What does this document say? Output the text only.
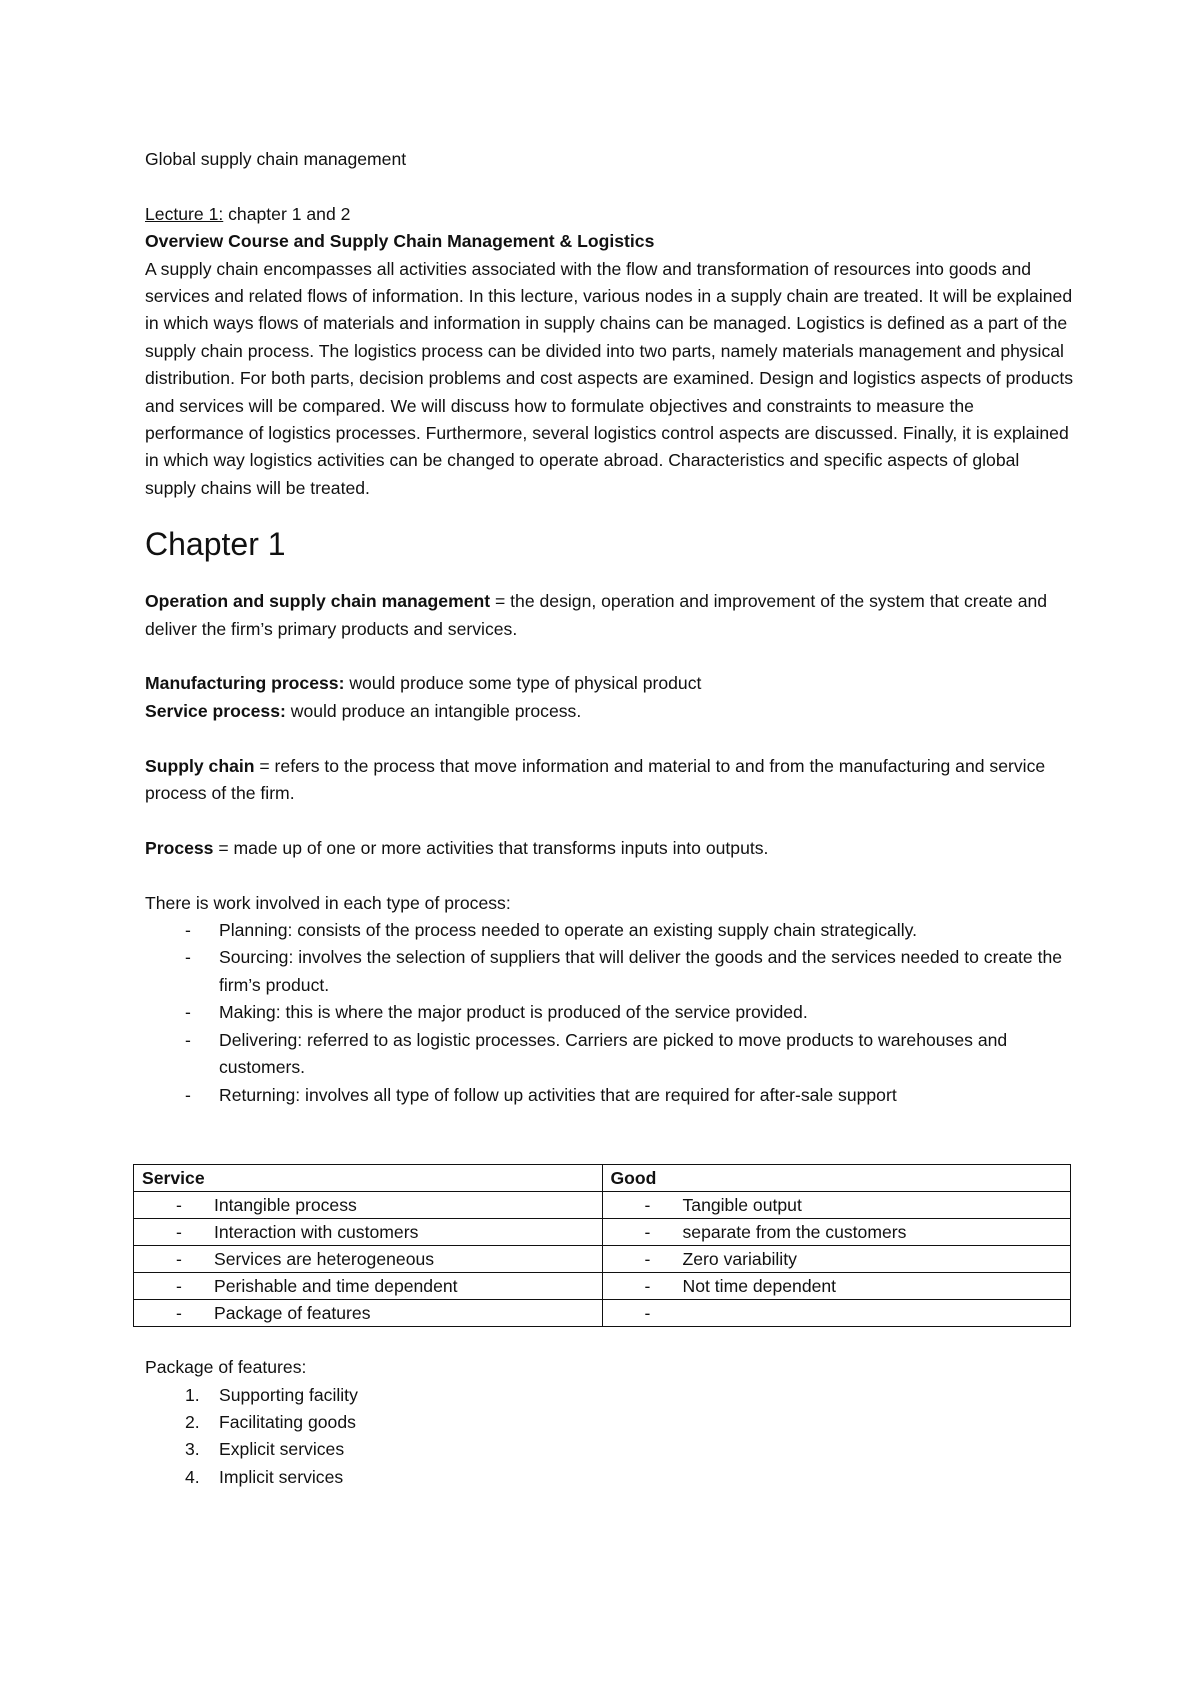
Global supply chain management

Lecture 1: chapter 1 and 2

Overview Course and Supply Chain Management & Logistics

A supply chain encompasses all activities associated with the flow and transformation of resources into goods and services and related flows of information. In this lecture, various nodes in a supply chain are treated. It will be explained in which ways flows of materials and information in supply chains can be managed. Logistics is defined as a part of the supply chain process. The logistics process can be divided into two parts, namely materials management and physical distribution. For both parts, decision problems and cost aspects are examined. Design and logistics aspects of products and services will be compared. We will discuss how to formulate objectives and constraints to measure the performance of logistics processes. Furthermore, several logistics control aspects are discussed. Finally, it is explained in which way logistics activities can be changed to operate abroad. Characteristics and specific aspects of global supply chains will be treated.

Chapter 1

Operation and supply chain management = the design, operation and improvement of the system that create and deliver the firm’s primary products and services.

Manufacturing process: would produce some type of physical product

Service process: would produce an intangible process.

Supply chain = refers to the process that move information and material to and from the manufacturing and service process of the firm.

Process = made up of one or more activities that transforms inputs into outputs.

There is work involved in each type of process:

- Planning: consists of the process needed to operate an existing supply chain strategically.
- Sourcing: involves the selection of suppliers that will deliver the goods and the services needed to create the firm’s product.
- Making: this is where the major product is produced of the service provided.
- Delivering: referred to as logistic processes. Carriers are picked to move products to warehouses and customers.
- Returning: involves all type of follow up activities that are required for after-sale support
Service	Good

- Intangible process	- Tangible output

- Interaction with customers	- separate from the customers

- Services are heterogeneous	- Zero variability

- Perishable and time dependent	- Not time dependent

- Package of features	-

Package of features:

1. Supporting facility
2. Facilitating goods
3. Explicit services
4. Implicit services
